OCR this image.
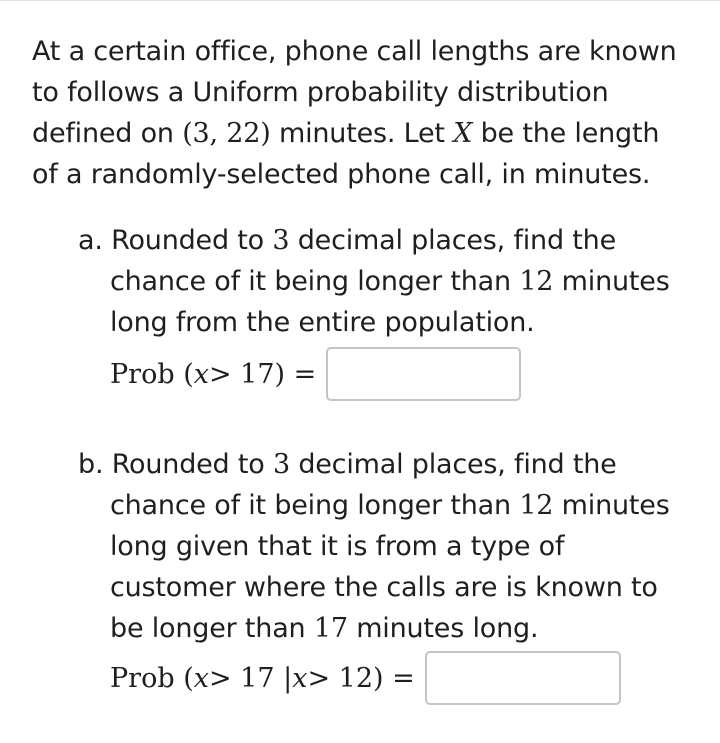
At a certain office, phone call lengths are known
to follows a Uniform probability distribution
defined on (3, 22) minutes. Let X be the length
of a randomly-selected phone call, in minutes.
a. Rounded to 3 decimal places, find the
chance of it being longer than 12 minutes
long from the entire population.
Prob ( x > 17) =
b. Rounded to 3 decimal places, find the
chance of it being longer than 12 minutes
long given that it is from a type of
customer where the calls are is known to
be longer than 17 minutes long.
Prob ( x > 17 | x > 12) =
